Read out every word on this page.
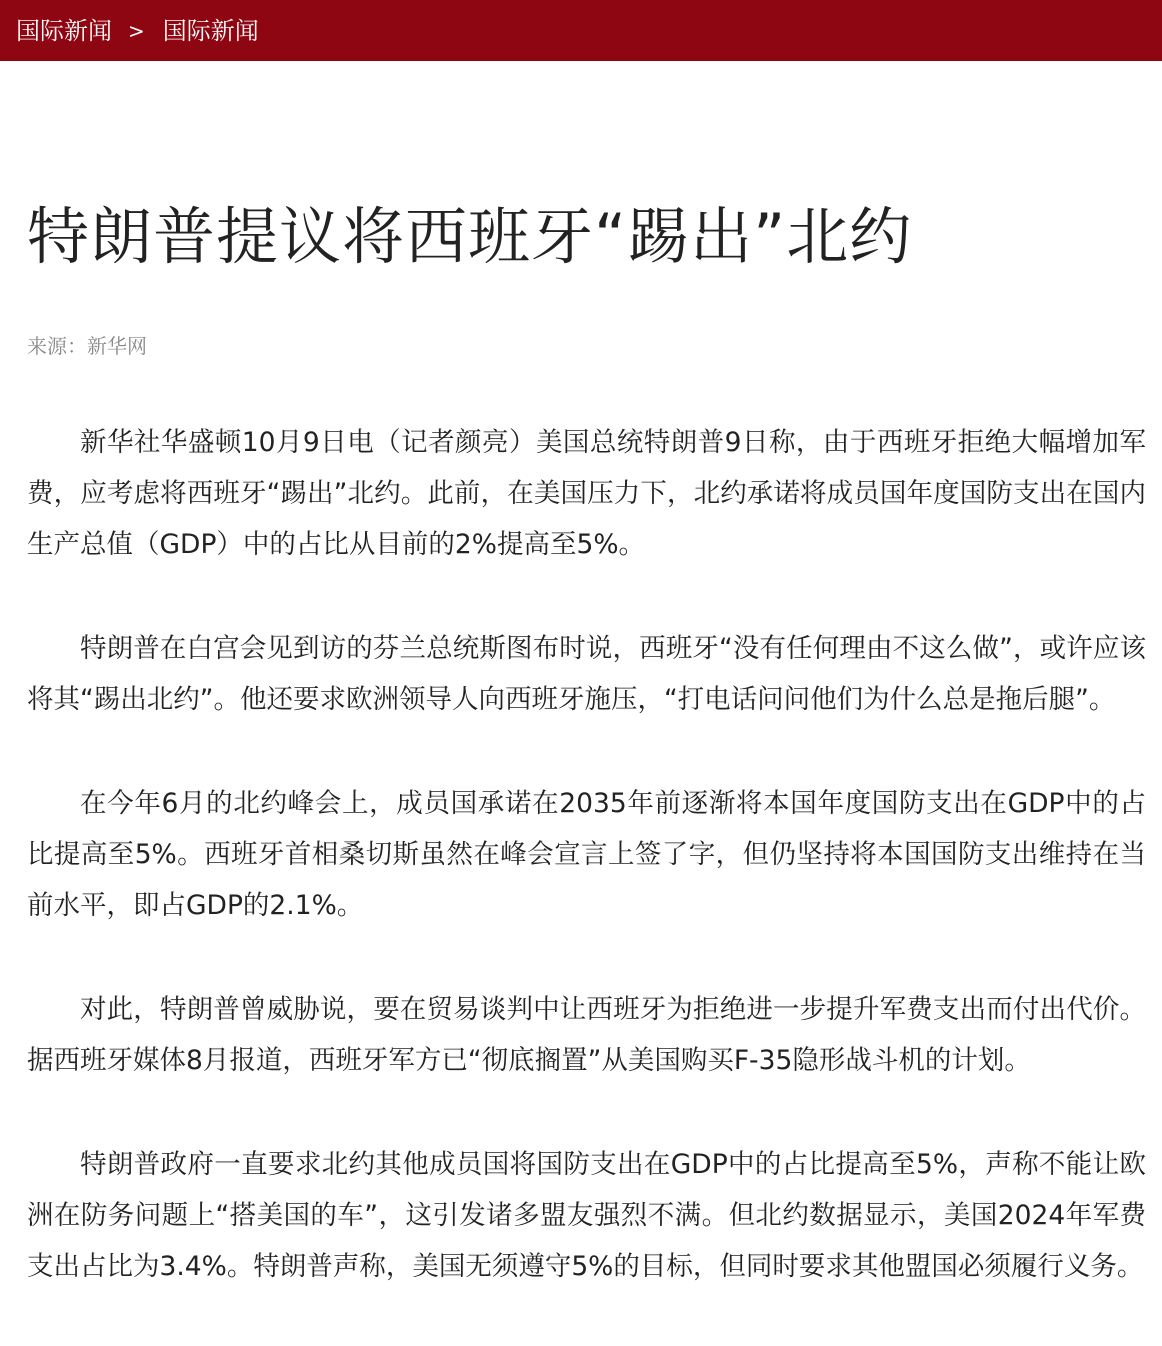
国际新闻 > 国际新闻
特朗普提议将西班牙“踢出”北约
来源：新华网

新华社华盛顿10月9日电（记者颜亮）美国总统特朗普9日称，由于西班牙拒绝大幅增加军费，应考虑将西班牙“踢出”北约。此前，在美国压力下，北约承诺将成员国年度国防支出在国内生产总值（GDP）中的占比从目前的2%提高至5%。

特朗普在白宫会见到访的芬兰总统斯图布时说，西班牙“没有任何理由不这么做”，或许应该将其“踢出北约”。他还要求欧洲领导人向西班牙施压，“打电话问问他们为什么总是拖后腿”。

在今年6月的北约峰会上，成员国承诺在2035年前逐渐将本国年度国防支出在GDP中的占比提高至5%。西班牙首相桑切斯虽然在峰会宣言上签了字，但仍坚持将本国国防支出维持在当前水平，即占GDP的2.1%。

对此，特朗普曾威胁说，要在贸易谈判中让西班牙为拒绝进一步提升军费支出而付出代价。据西班牙媒体8月报道，西班牙军方已“彻底搁置”从美国购买F-35隐形战斗机的计划。

特朗普政府一直要求北约其他成员国将国防支出在GDP中的占比提高至5%，声称不能让欧洲在防务问题上“搭美国的车”，这引发诸多盟友强烈不满。但北约数据显示，美国2024年军费支出占比为3.4%。特朗普声称，美国无须遵守5%的目标，但同时要求其他盟国必须履行义务。
